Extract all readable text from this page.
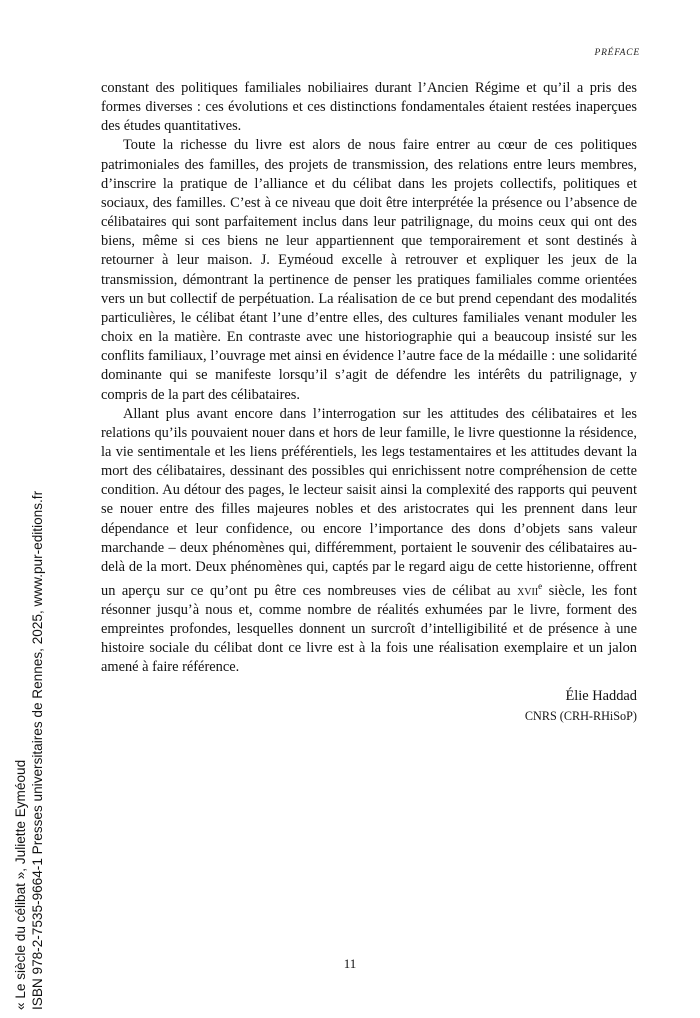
PRÉFACE

constant des politiques familiales nobiliaires durant l’Ancien Régime et qu’il a pris des formes diverses : ces évolutions et ces distinctions fondamentales étaient restées inaperçues des études quantitatives.

Toute la richesse du livre est alors de nous faire entrer au cœur de ces politiques patrimoniales des familles, des projets de transmission, des relations entre leurs membres, d’inscrire la pratique de l’alliance et du célibat dans les projets collectifs, politiques et sociaux, des familles. C’est à ce niveau que doit être interprétée la présence ou l’absence de célibataires qui sont parfaitement inclus dans leur patrilignage, du moins ceux qui ont des biens, même si ces biens ne leur appartiennent que temporairement et sont destinés à retourner à leur maison. J. Eyméoud excelle à retrouver et expliquer les jeux de la transmission, démontrant la pertinence de penser les pratiques familiales comme orientées vers un but collectif de perpétuation. La réalisation de ce but prend cependant des modalités particulières, le célibat étant l’une d’entre elles, des cultures familiales venant moduler les choix en la matière. En contraste avec une historiographie qui a beaucoup insisté sur les conflits familiaux, l’ouvrage met ainsi en évidence l’autre face de la médaille : une solidarité dominante qui se manifeste lorsqu’il s’agit de défendre les intérêts du patrilignage, y compris de la part des célibataires.

Allant plus avant encore dans l’interrogation sur les attitudes des célibataires et les relations qu’ils pouvaient nouer dans et hors de leur famille, le livre questionne la résidence, la vie sentimentale et les liens préférentiels, les legs testamentaires et les attitudes devant la mort des célibataires, dessinant des possibles qui enrichissent notre compréhension de cette condition. Au détour des pages, le lecteur saisit ainsi la complexité des rapports qui peuvent se nouer entre des filles majeures nobles et des aristocrates qui les prennent dans leur dépendance et leur confidence, ou encore l’importance des dons d’objets sans valeur marchande – deux phénomènes qui, différemment, portaient le souvenir des célibataires au-delà de la mort. Deux phénomènes qui, captés par le regard aigu de cette historienne, offrent un aperçu sur ce qu’ont pu être ces nombreuses vies de célibat au xvii$^e$ siècle, les font résonner jusqu’à nous et, comme nombre de réalités exhumées par le livre, forment des empreintes profondes, lesquelles donnent un surcroît d’intelligibilité et de présence à une histoire sociale du célibat dont ce livre est à la fois une réalisation exemplaire et un jalon amené à faire référence.

Élie Haddad
CNRS (CRH-RHiSoP)
11
« Le siècle du célibat », Juliette Eyméoud ISBN 978-2-7535-9664-1 Presses universitaires de Rennes, 2025, www.pur-editions.fr
